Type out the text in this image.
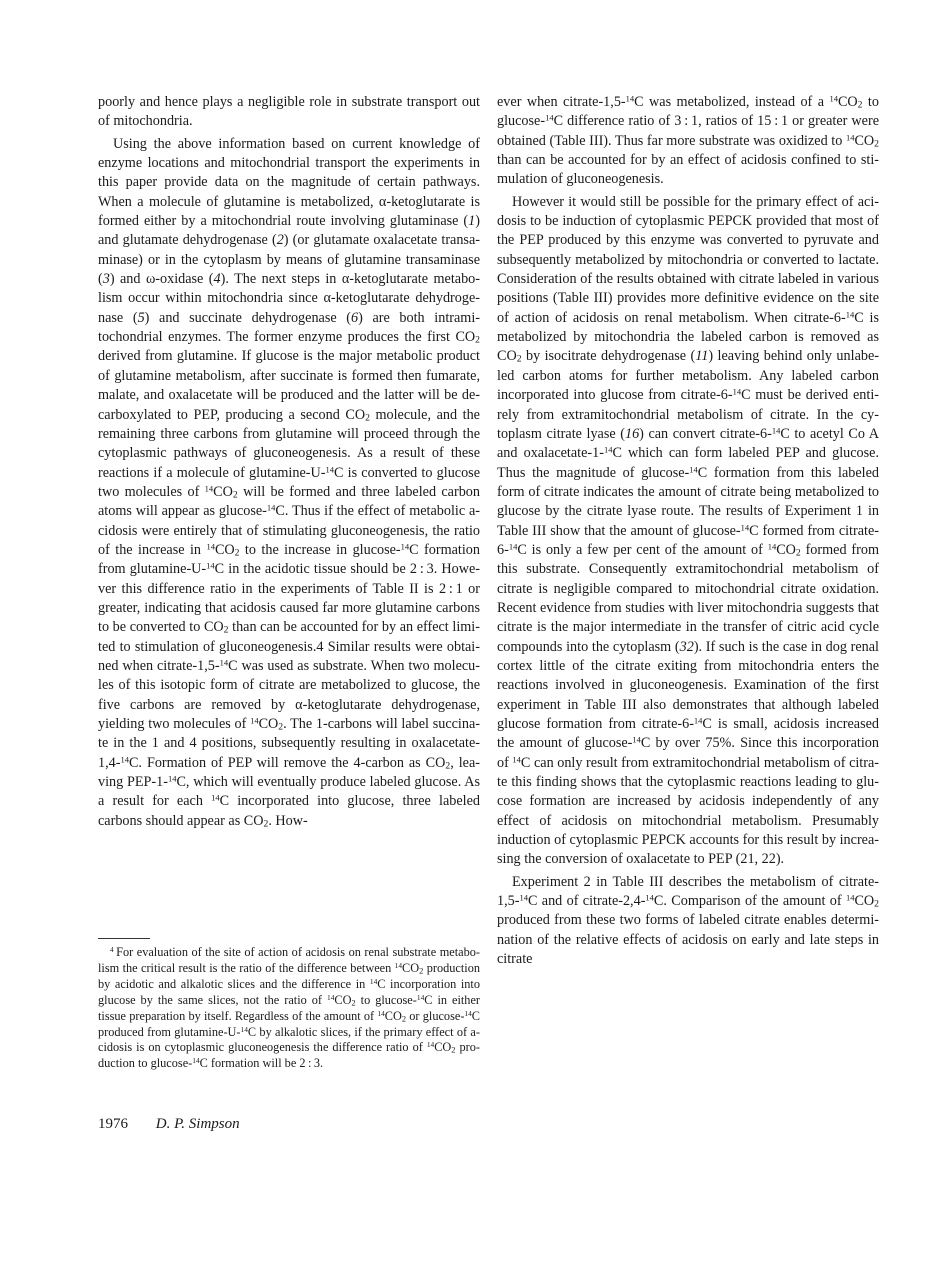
poorly and hence plays a negligible role in substrate transport out of mitochondria.

Using the above information based on current knowledge of enzyme locations and mitochondrial transport the experiments in this paper provide data on the magnitude of certain pathways. When a molecule of glutamine is metabolized, α-ketoglutarate is formed either by a mitochondrial route involving glutaminase (1) and glutamate dehydrogenase (2) (or glutamate oxalacetate transaminase) or in the cytoplasm by means of glutamine transaminase (3) and ω-oxidase (4). The next steps in α-ketoglutarate metabolism occur within mitochondria since α-ketoglutarate dehydrogenase (5) and succinate dehydrogenase (6) are both intramitochondrial enzymes. The former enzyme produces the first $CO_2$ derived from glutamine. If glucose is the major metabolic product of glutamine metabolism, after succinate is formed then fumarate, malate, and oxalacetate will be produced and the latter will be decarboxylated to PEP, producing a second $CO_2$ molecule, and the remaining three carbons from glutamine will proceed through the cytoplasmic pathways of gluconeogenesis. As a result of these reactions if a molecule of glutamine-U-$^{14}$C is converted to glucose two molecules of $^{14}CO_2$ will be formed and three labeled carbon atoms will appear as glucose-$^{14}$C. Thus if the effect of metabolic acidosis were entirely that of stimulating gluconeogenesis, the ratio of the increase in $^{14}CO_2$ to the increase in glucose-$^{14}$C formation from glutamine-U-$^{14}$C in the acidotic tissue should be 2 : 3. However this difference ratio in the experiments of Table II is 2 : 1 or greater, indicating that acidosis caused far more glutamine carbons to be converted to $CO_2$ than can be accounted for by an effect limited to stimulation of gluconeogenesis.4 Similar results were obtained when citrate-1,5-$^{14}$C was used as substrate. When two molecules of this isotopic form of citrate are metabolized to glucose, the five carbons are removed by α-ketoglutarate dehydrogenase, yielding two molecules of $^{14}CO_2$. The 1-carbons will label succinate in the 1 and 4 positions, subsequently resulting in oxalacetate-1,4-$^{14}$C. Formation of PEP will remove the 4-carbon as $CO_2$, leaving PEP-1-$^{14}$C, which will eventually produce labeled glucose. As a result for each $^{14}$C incorporated into glucose, three labeled carbons should appear as $CO_2$. How-

$^4$ For evaluation of the site of action of acidosis on renal substrate metabolism the critical result is the ratio of the difference between $^{14}CO_2$ production by acidotic and alkalotic slices and the difference in $^{14}$C incorporation into glucose by the same slices, not the ratio of $^{14}CO_2$ to glucose-$^{14}$C in either tissue preparation by itself. Regardless of the amount of $^{14}CO_2$ or glucose-$^{14}$C produced from glutamine-U-$^{14}$C by alkalotic slices, if the primary effect of acidosis is on cytoplasmic gluconeogenesis the difference ratio of $^{14}CO_2$ production to glucose-$^{14}$C formation will be 2 : 3.

ever when citrate-1,5-$^{14}$C was metabolized, instead of a $^{14}CO_2$ to glucose-$^{14}$C difference ratio of 3 : 1, ratios of 15 : 1 or greater were obtained (Table III). Thus far more substrate was oxidized to $^{14}CO_2$ than can be accounted for by an effect of acidosis confined to stimulation of gluconeogenesis.

However it would still be possible for the primary effect of acidosis to be induction of cytoplasmic PEPCK provided that most of the PEP produced by this enzyme was converted to pyruvate and subsequently metabolized by mitochondria or converted to lactate. Consideration of the results obtained with citrate labeled in various positions (Table III) provides more definitive evidence on the site of action of acidosis on renal metabolism. When citrate-6-$^{14}$C is metabolized by mitochondria the labeled carbon is removed as $CO_2$ by isocitrate dehydrogenase (11) leaving behind only unlabeled carbon atoms for further metabolism. Any labeled carbon incorporated into glucose from citrate-6-$^{14}$C must be derived entirely from extramitochondrial metabolism of citrate. In the cytoplasm citrate lyase (16) can convert citrate-6-$^{14}$C to acetyl Co A and oxalacetate-1-$^{14}$C which can form labeled PEP and glucose. Thus the magnitude of glucose-$^{14}$C formation from this labeled form of citrate indicates the amount of citrate being metabolized to glucose by the citrate lyase route. The results of Experiment 1 in Table III show that the amount of glucose-$^{14}$C formed from citrate-6-$^{14}$C is only a few per cent of the amount of $^{14}CO_2$ formed from this substrate. Consequently extramitochondrial metabolism of citrate is negligible compared to mitochondrial citrate oxidation. Recent evidence from studies with liver mitochondria suggests that citrate is the major intermediate in the transfer of citric acid cycle compounds into the cytoplasm (32). If such is the case in dog renal cortex little of the citrate exiting from mitochondria enters the reactions involved in gluconeogenesis. Examination of the first experiment in Table III also demonstrates that although labeled glucose formation from citrate-6-$^{14}$C is small, acidosis increased the amount of glucose-$^{14}$C by over 75%. Since this incorporation of $^{14}$C can only result from extramitochondrial metabolism of citrate this finding shows that the cytoplasmic reactions leading to glucose formation are increased by acidosis independently of any effect of acidosis on mitochondrial metabolism. Presumably induction of cytoplasmic PEPCK accounts for this result by increasing the conversion of oxalacetate to PEP (21, 22).

Experiment 2 in Table III describes the metabolism of citrate-1,5-$^{14}$C and of citrate-2,4-$^{14}$C. Comparison of the amount of $^{14}CO_2$ produced from these two forms of labeled citrate enables determination of the relative effects of acidosis on early and late steps in citrate

1976 D. P. Simpson
